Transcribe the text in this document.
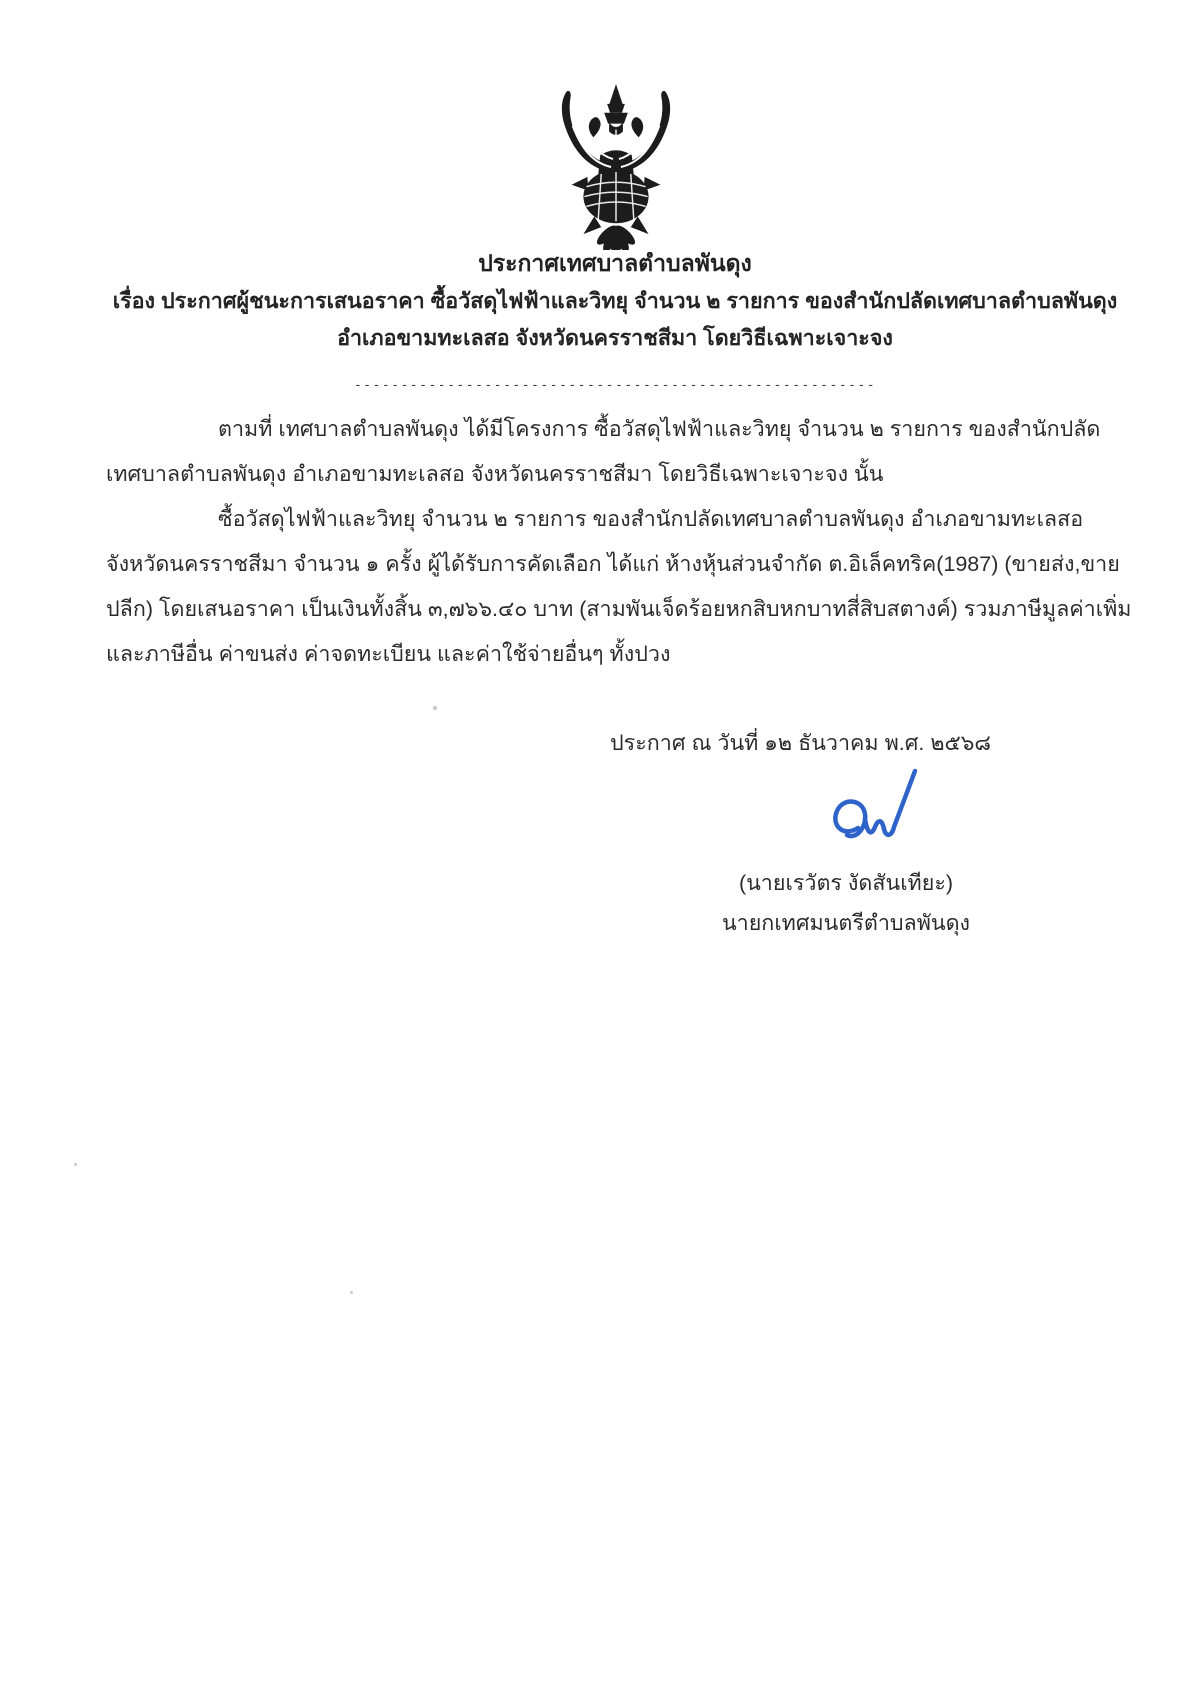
ประกาศเทศบาลตำบลพันดุง
เรื่อง ประกาศผู้ชนะการเสนอราคา ซื้อวัสดุไฟฟ้าและวิทยุ จำนวน ๒ รายการ ของสำนักปลัดเทศบาลตำบลพันดุง
อำเภอขามทะเลสอ จังหวัดนครราชสีมา โดยวิธีเฉพาะเจาะจง
--------------------------------------------------------
ตามที่ เทศบาลตำบลพันดุง ได้มีโครงการ ซื้อวัสดุไฟฟ้าและวิทยุ จำนวน ๒ รายการ ของสำนักปลัด
เทศบาลตำบลพันดุง อำเภอขามทะเลสอ จังหวัดนครราชสีมา โดยวิธีเฉพาะเจาะจง นั้น
ซื้อวัสดุไฟฟ้าและวิทยุ จำนวน ๒ รายการ ของสำนักปลัดเทศบาลตำบลพันดุง อำเภอขามทะเลสอ
จังหวัดนครราชสีมา จำนวน ๑ ครั้ง ผู้ได้รับการคัดเลือก ได้แก่ ห้างหุ้นส่วนจำกัด ต.อิเล็คทริค(1987) (ขายส่ง,ขาย
ปลีก) โดยเสนอราคา เป็นเงินทั้งสิ้น ๓,๗๖๖.๔๐ บาท (สามพันเจ็ดร้อยหกสิบหกบาทสี่สิบสตางค์) รวมภาษีมูลค่าเพิ่ม
และภาษีอื่น ค่าขนส่ง ค่าจดทะเบียน และค่าใช้จ่ายอื่นๆ ทั้งปวง
ประกาศ ณ วันที่ ๑๒ ธันวาคม พ.ศ. ๒๕๖๘
(นายเรวัตร งัดสันเทียะ)
นายกเทศมนตรีตำบลพันดุง
